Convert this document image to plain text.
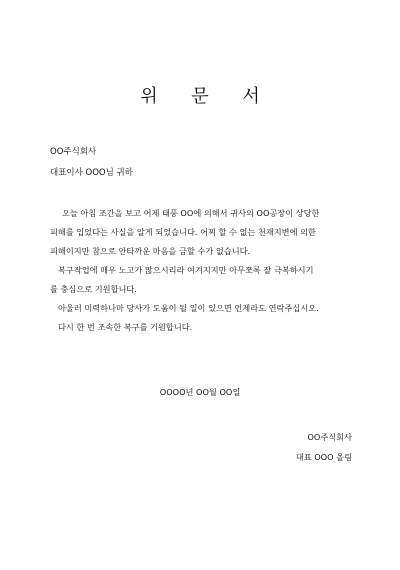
위 문 서

OO주식회사

대표이사 OOO님 귀하

오늘 아침 조간을 보고 어제 태풍 OO에 의해서 귀사의 OO공장이 상당한

피해를 입었다는 사실을 알게 되었습니다. 어찌 할 수 없는 천재지변에 의한

피해이지만 참으로 안타까운 마음을 금할 수가 없습니다.

복구작업에 매우 노고가 많으시리라 여겨지지만 아무쪼록 잘 극복하시기

를 충심으로 기원합니다.

아울러 미력하나마 당사가 도움이 될 일이 있으면 언제라도 연락주십시오.

다시 한 번 조속한 복구를 기원합니다.

OOOO년 OO월 OO일

OO주식회사

대표 OOO 올림
